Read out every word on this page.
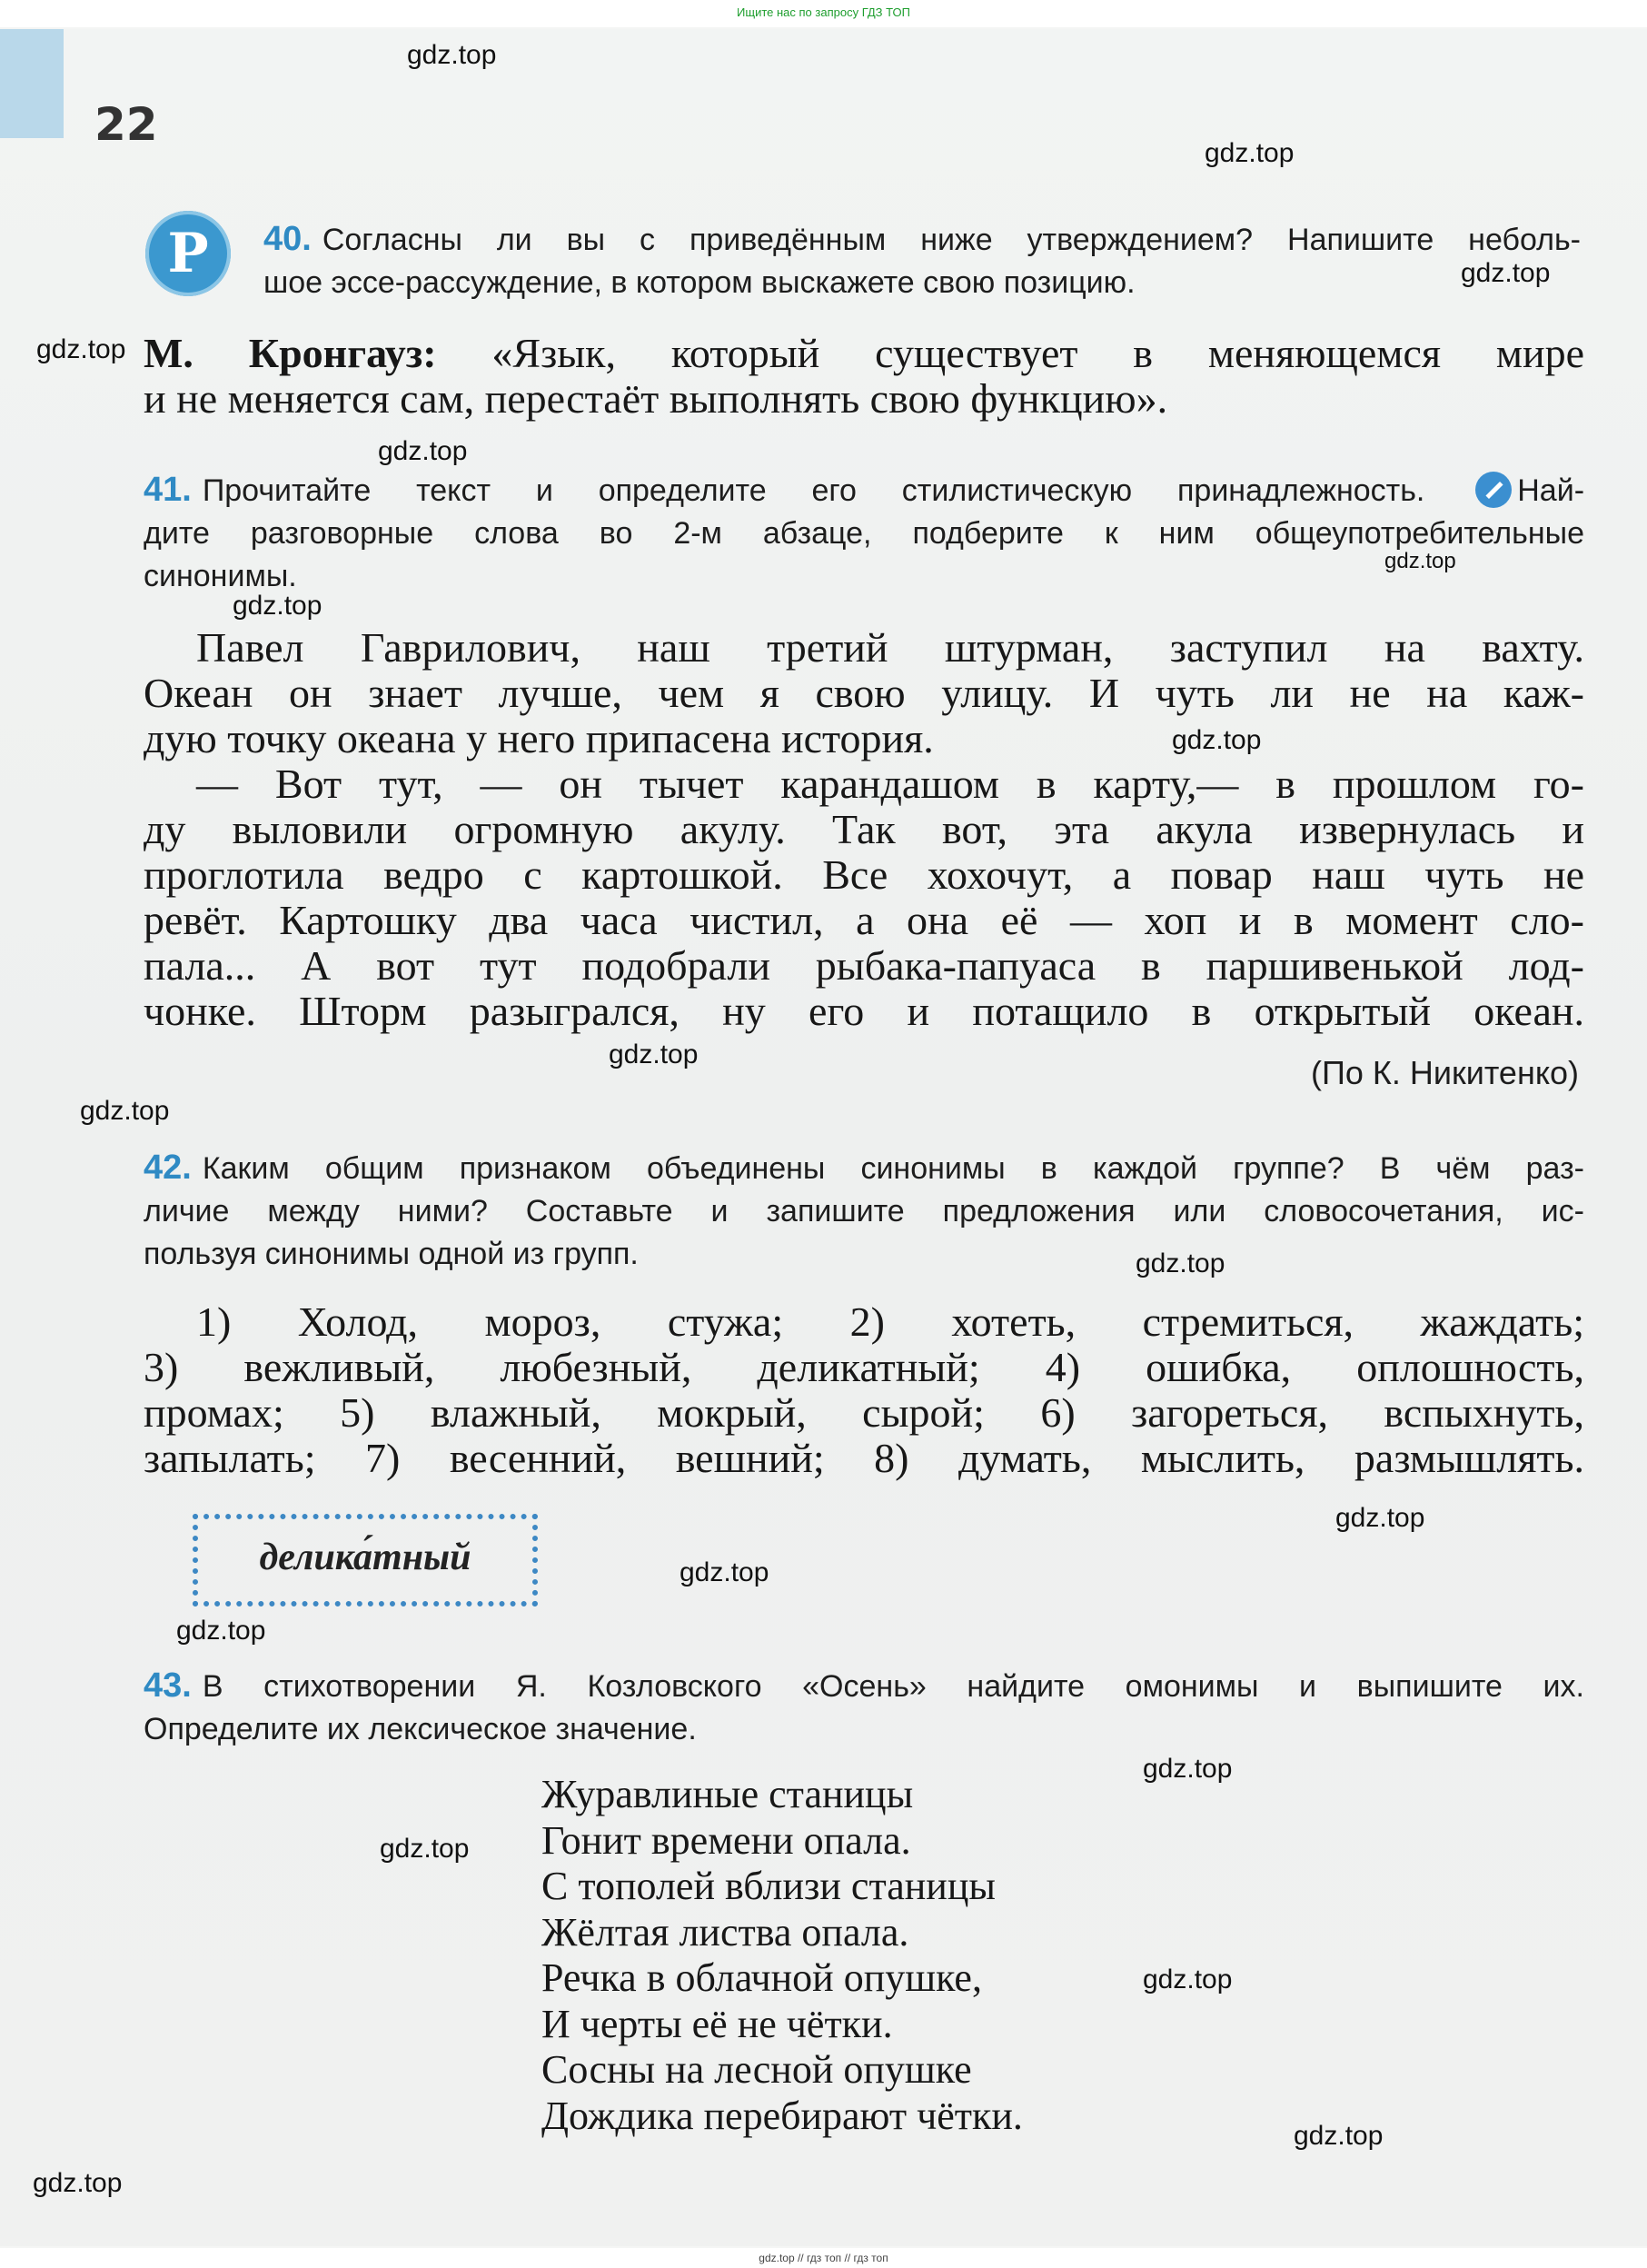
Ищите нас по запросу ГДЗ ТОП
22
gdz.top
gdz.top
gdz.top
gdz.top
gdz.top
gdz.top
gdz.top
gdz.top
gdz.top
gdz.top
gdz.top
gdz.top
gdz.top
gdz.top
gdz.top
gdz.top
gdz.top
gdz.top
gdz.top
Р	40. Согласны ли вы с приведённым ниже утверждением? Напишите неболь-
шое эссе-рассуждение, в котором выскажете свою позицию.
М. Кронгауз: «Язык, который существует в меняющемся мире
и не меняется сам, перестаёт выполнять свою функцию».
41. Прочитайте текст и определите его стилистическую принадлежность.	Най-
дите разговорные слова во 2-м абзаце, подберите к ним общеупотребительные
синонимы.
Павел Гаврилович, наш третий штурман, заступил на вахту.
Океан он знает лучше, чем я свою улицу. И чуть ли не на каж-
дую точку океана у него припасена история.
— Вот тут, — он тычет карандашом в карту,— в прошлом го-
ду выловили огромную акулу. Так вот, эта акула извернулась и
проглотила ведро с картошкой. Все хохочут, а повар наш чуть не
ревёт. Картошку два часа чистил, а она её — хоп и в момент сло-
пала... А вот тут подобрали рыбака-папуаса в паршивенькой лод-
чонке. Шторм разыгрался, ну его и потащило в открытый океан.
(По К. Никитенко)
42. Каким общим признаком объединены синонимы в каждой группе? В чём раз-
личие между ними? Составьте и запишите предложения или словосочетания, ис-
пользуя синонимы одной из групп.
1) Холод, мороз, стужа; 2) хотеть, стремиться, жаждать;
3) вежливый, любезный, деликатный; 4) ошибка, оплошность,
промах; 5) влажный, мокрый, сырой; 6) загореться, вспыхнуть,
запылать; 7) весенний, вешний; 8) думать, мыслить, размышлять.
делика́тный
43. В стихотворении Я. Козловского «Осень» найдите омонимы и выпишите их.
Определите их лексическое значение.
Журавлиные станицы
Гонит времени опала.
С тополей вблизи станицы
Жёлтая листва опала.
Речка в облачной опушке,
И черты её не чётки.
Сосны на лесной опушке
Дождика перебирают чётки.
gdz.top // гдз топ // гдз топ
